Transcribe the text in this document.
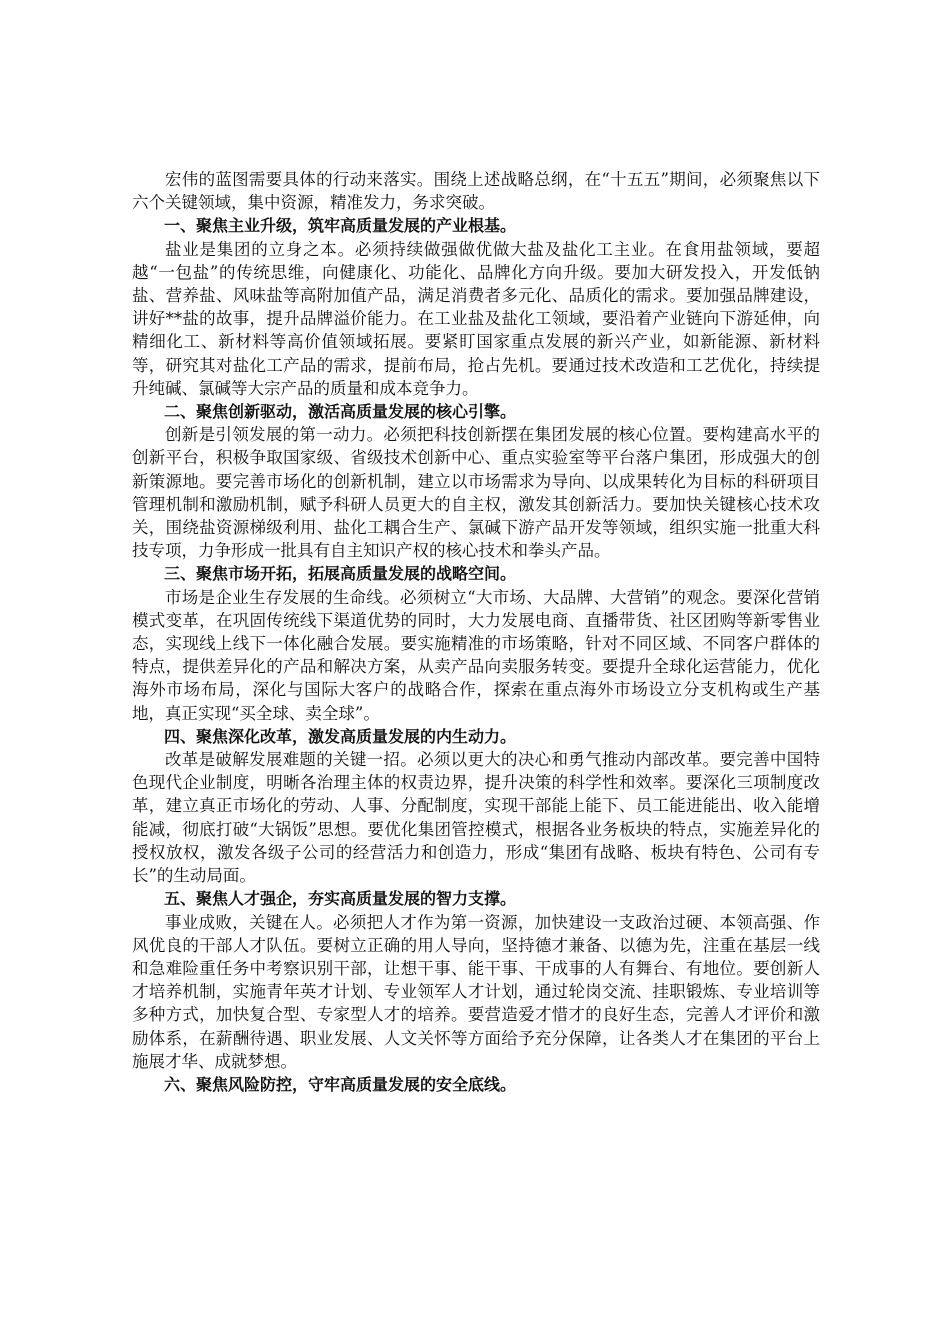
宏伟的蓝图需要具体的行动来落实。围绕上述战略总纲，在“十五五”期间，必须聚焦以下六个关键领域，集中资源，精准发力，务求突破。

一、聚焦主业升级，筑牢高质量发展的产业根基。

盐业是集团的立身之本。必须持续做强做优做大盐及盐化工主业。在食用盐领域，要超越“一包盐”的传统思维，向健康化、功能化、品牌化方向升级。要加大研发投入，开发低钠盐、营养盐、风味盐等高附加值产品，满足消费者多元化、品质化的需求。要加强品牌建设，讲好**盐的故事，提升品牌溢价能力。在工业盐及盐化工领域，要沿着产业链向下游延伸，向精细化工、新材料等高价值领域拓展。要紧盯国家重点发展的新兴产业，如新能源、新材料等，研究其对盐化工产品的需求，提前布局，抢占先机。要通过技术改造和工艺优化，持续提升纯碱、氯碱等大宗产品的质量和成本竞争力。

二、聚焦创新驱动，激活高质量发展的核心引擎。

创新是引领发展的第一动力。必须把科技创新摆在集团发展的核心位置。要构建高水平的创新平台，积极争取国家级、省级技术创新中心、重点实验室等平台落户集团，形成强大的创新策源地。要完善市场化的创新机制，建立以市场需求为导向、以成果转化为目标的科研项目管理机制和激励机制，赋予科研人员更大的自主权，激发其创新活力。要加快关键核心技术攻关，围绕盐资源梯级利用、盐化工耦合生产、氯碱下游产品开发等领域，组织实施一批重大科技专项，力争形成一批具有自主知识产权的核心技术和拳头产品。

三、聚焦市场开拓，拓展高质量发展的战略空间。

市场是企业生存发展的生命线。必须树立“大市场、大品牌、大营销”的观念。要深化营销模式变革，在巩固传统线下渠道优势的同时，大力发展电商、直播带货、社区团购等新零售业态，实现线上线下一体化融合发展。要实施精准的市场策略，针对不同区域、不同客户群体的特点，提供差异化的产品和解决方案，从卖产品向卖服务转变。要提升全球化运营能力，优化海外市场布局，深化与国际大客户的战略合作，探索在重点海外市场设立分支机构或生产基地，真正实现“买全球、卖全球”。

四、聚焦深化改革，激发高质量发展的内生动力。

改革是破解发展难题的关键一招。必须以更大的决心和勇气推动内部改革。要完善中国特色现代企业制度，明晰各治理主体的权责边界，提升决策的科学性和效率。要深化三项制度改革，建立真正市场化的劳动、人事、分配制度，实现干部能上能下、员工能进能出、收入能增能减，彻底打破“大锅饭”思想。要优化集团管控模式，根据各业务板块的特点，实施差异化的授权放权，激发各级子公司的经营活力和创造力，形成“集团有战略、板块有特色、公司有专长”的生动局面。

五、聚焦人才强企，夯实高质量发展的智力支撑。

事业成败，关键在人。必须把人才作为第一资源，加快建设一支政治过硬、本领高强、作风优良的干部人才队伍。要树立正确的用人导向，坚持德才兼备、以德为先，注重在基层一线和急难险重任务中考察识别干部，让想干事、能干事、干成事的人有舞台、有地位。要创新人才培养机制，实施青年英才计划、专业领军人才计划，通过轮岗交流、挂职锻炼、专业培训等多种方式，加快复合型、专家型人才的培养。要营造爱才惜才的良好生态，完善人才评价和激励体系，在薪酬待遇、职业发展、人文关怀等方面给予充分保障，让各类人才在集团的平台上施展才华、成就梦想。

六、聚焦风险防控，守牢高质量发展的安全底线。
